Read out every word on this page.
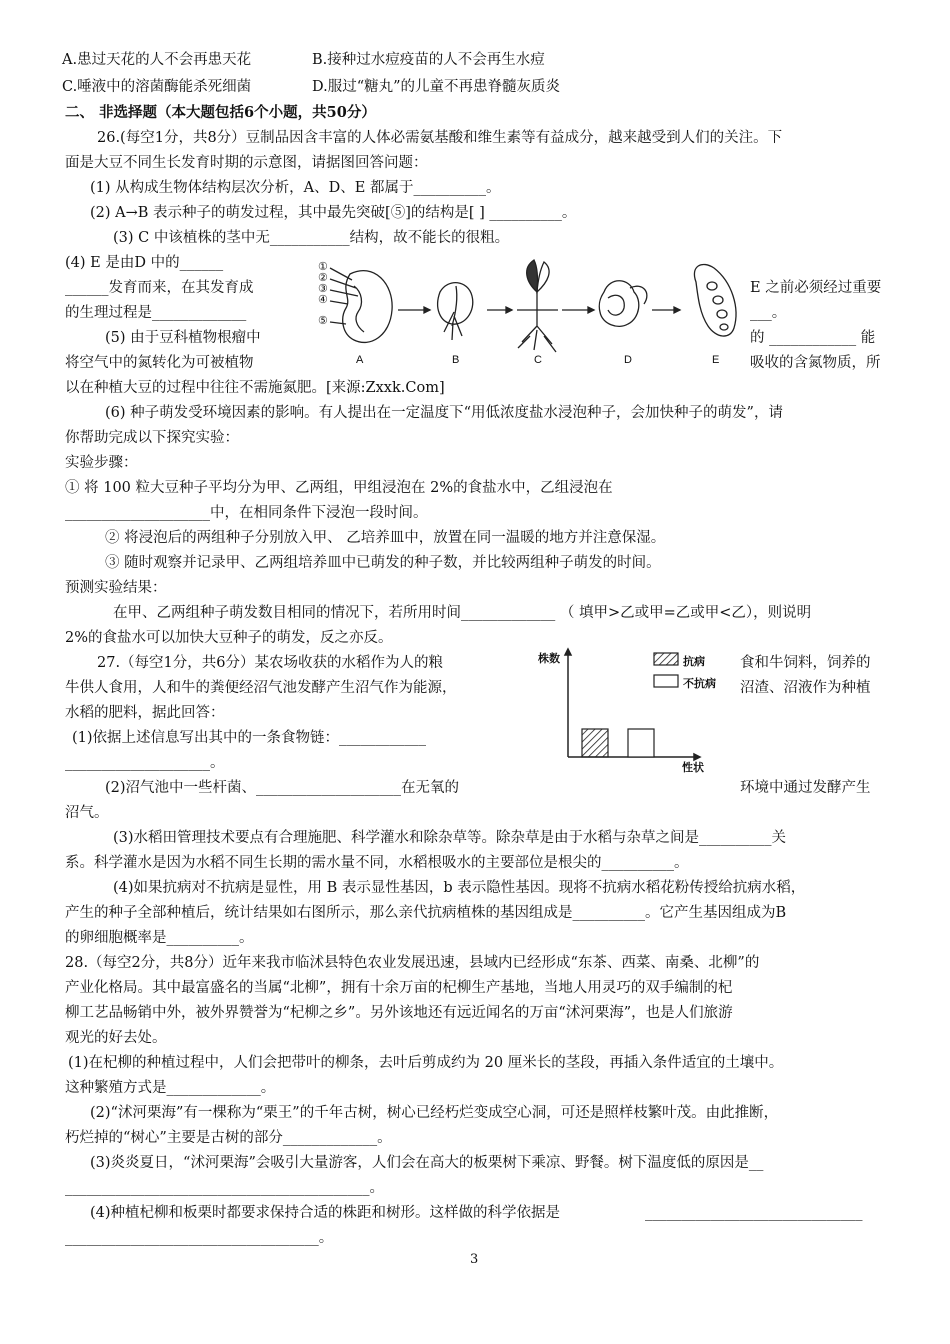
A.患过天花的人不会再患天花	B.接种过水痘疫苗的人不会再生水痘
C.唾液中的溶菌酶能杀死细菌	D.服过“糖丸”的儿童不再患脊髓灰质炎
二、 非选择题（本大题包括6个小题，共50分）
26.(每空1分，共8分）豆制品因含丰富的人体必需氨基酸和维生素等有益成分，越来越受到人们的关注。下
面是大豆不同生长发育时期的示意图，请据图回答问题：
(1) 从构成生物体结构层次分析，A、D、E 都属于__________。
(2) A→B 表示种子的萌发过程，其中最先突破[⑤]的结构是[ ] __________。
(3) C 中该植株的茎中无___________结构，故不能长的很粗。
(4) E 是由D 中的______
______发育而来，在其发育成
的生理过程是_____________
E 之前必须经过重要
___。
(5) 由于豆科植物根瘤中
将空气中的氮转化为可被植物
以在种植大豆的过程中往往不需施氮肥。[来源:Zxxk.Com]
的 ____________ 能
吸收的含氮物质，所
①
②
③
④
⑤
A	B	C	D	E
(6) 种子萌发受环境因素的影响。有人提出在一定温度下“用低浓度盐水浸泡种子，会加快种子的萌发”，请
你帮助完成以下探究实验：
实验步骤：
① 将 100 粒大豆种子平均分为甲、乙两组，甲组浸泡在 2%的食盐水中，乙组浸泡在
____________________中，在相同条件下浸泡一段时间。
② 将浸泡后的两组种子分别放入甲、 乙培养皿中，放置在同一温暖的地方并注意保湿。
③ 随时观察并记录甲、乙两组培养皿中已萌发的种子数，并比较两组种子萌发的时间。
预测实验结果：
在甲、乙两组种子萌发数目相同的情况下，若所用时间_____________ （ 填甲>乙或甲=乙或甲<乙），则说明
2%的食盐水可以加快大豆种子的萌发，反之亦反。
27.（每空1分，共6分）某农场收获的水稻作为人的粮	食和牛饲料，饲养的
牛供人食用，人和牛的粪便经沼气池发酵产生沼气作为能源，	沼渣、沼液作为种植
水稻的肥料，据此回答：
(1)依据上述信息写出其中的一条食物链：____________
____________________。
(2)沼气池中一些杆菌、____________________在无氧的	环境中通过发酵产生
沼气。
株数
性状
抗病
不抗病
(3)水稻田管理技术要点有合理施肥、科学灌水和除杂草等。除杂草是由于水稻与杂草之间是__________关
系。科学灌水是因为水稻不同生长期的需水量不同，水稻根吸水的主要部位是根尖的__________。
(4)如果抗病对不抗病是显性，用 B 表示显性基因，b 表示隐性基因。现将不抗病水稻花粉传授给抗病水稻，
产生的种子全部种植后，统计结果如右图所示，那么亲代抗病植株的基因组成是__________。它产生基因组成为B
的卵细胞概率是__________。
28.（每空2分，共8分）近年来我市临沭县特色农业发展迅速，县域内已经形成“东茶、西菜、南桑、北柳”的
产业化格局。其中最富盛名的当属“北柳”，拥有十余万亩的杞柳生产基地，当地人用灵巧的双手编制的杞
柳工艺品畅销中外，被外界赞誉为“杞柳之乡”。另外该地还有远近闻名的万亩“沭河栗海”，也是人们旅游
观光的好去处。
(1)在杞柳的种植过程中，人们会把带叶的柳条，去叶后剪成约为 20 厘米长的茎段，再插入条件适宜的土壤中。
这种繁殖方式是_____________。
(2)“沭河栗海”有一棵称为“栗王”的千年古树，树心已经朽烂变成空心洞，可还是照样枝繁叶茂。由此推断，
朽烂掉的“树心”主要是古树的部分_____________。
(3)炎炎夏日，“沭河栗海”会吸引大量游客，人们会在高大的板栗树下乘凉、野餐。树下温度低的原因是__
__________________________________________。
(4)种植杞柳和板栗时都要求保持合适的株距和树形。这样做的科学依据是	______________________________
___________________________________。
3
